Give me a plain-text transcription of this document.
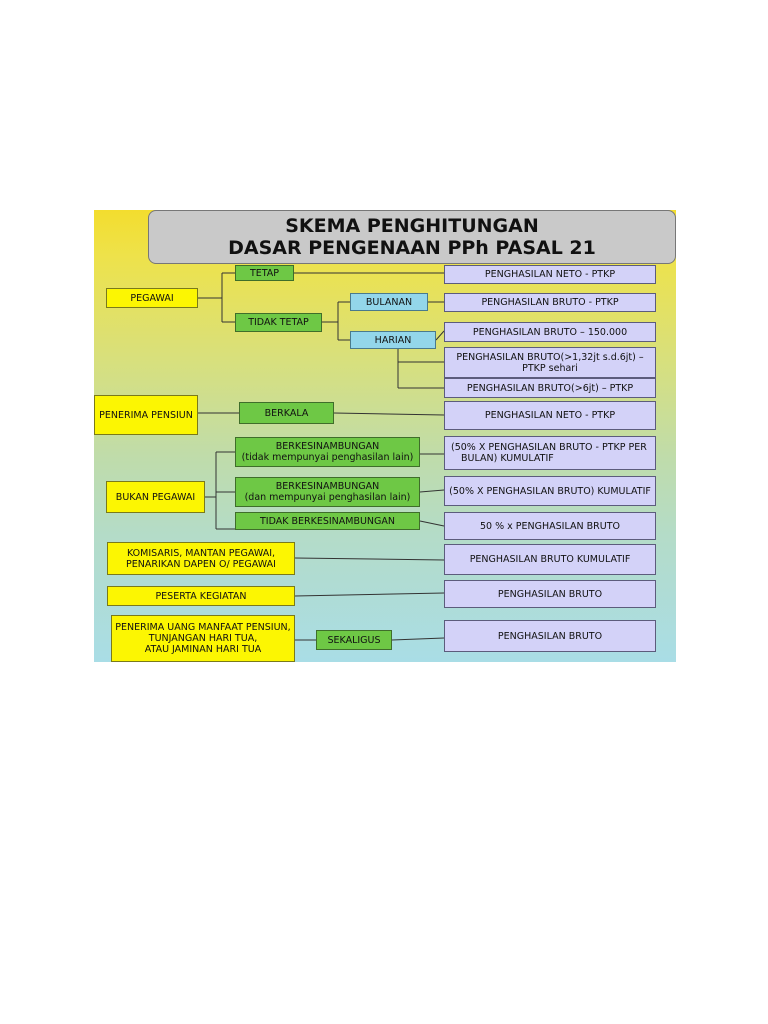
SKEMA PENGHITUNGAN
DASAR PENGENAAN PPh PASAL 21
PEGAWAI
PENERIMA PENSIUN
BUKAN PEGAWAI
KOMISARIS, MANTAN PEGAWAI,
PENARIKAN DAPEN O/ PEGAWAI
PESERTA KEGIATAN
PENERIMA UANG MANFAAT PENSIUN,
TUNJANGAN HARI TUA,
ATAU JAMINAN HARI TUA
TETAP
TIDAK TETAP
BULANAN
HARIAN
BERKALA
BERKESINAMBUNGAN
(tidak mempunyai penghasilan lain)
BERKESINAMBUNGAN
(dan mempunyai penghasilan lain)
TIDAK BERKESINAMBUNGAN
SEKALIGUS
PENGHASILAN NETO - PTKP
PENGHASILAN BRUTO - PTKP
PENGHASILAN BRUTO – 150.000
PENGHASILAN BRUTO(>1,32jt s.d.6jt) –
PTKP sehari
PENGHASILAN BRUTO(>6jt) – PTKP
PENGHASILAN NETO - PTKP
(50% X PENGHASILAN BRUTO - PTKP PER
BULAN) KUMULATIF
(50% X PENGHASILAN BRUTO) KUMULATIF
50 % x PENGHASILAN BRUTO
PENGHASILAN BRUTO KUMULATIF
PENGHASILAN BRUTO
PENGHASILAN BRUTO
